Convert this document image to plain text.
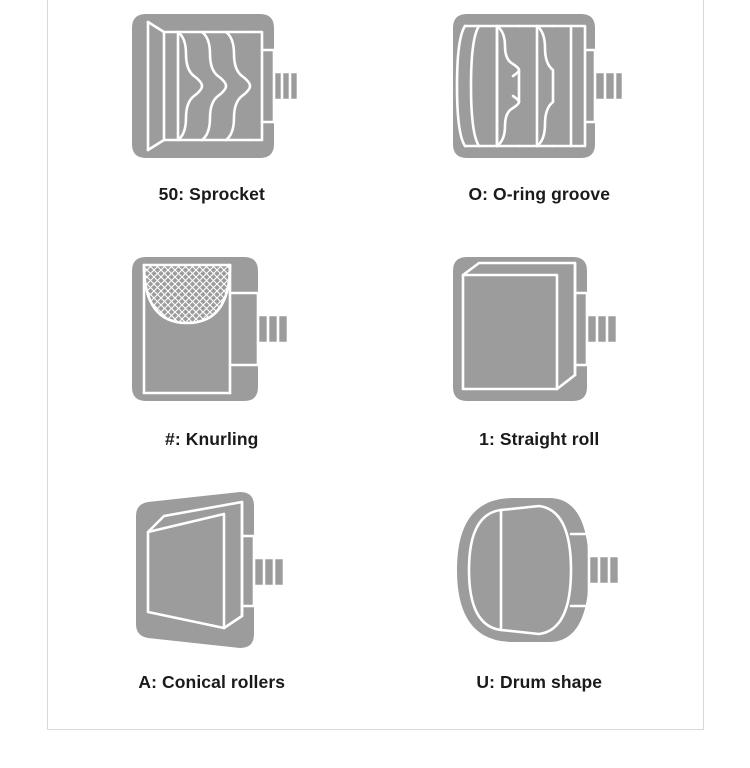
50: Sprocket	O: O-ring groove
#: Knurling	1: Straight roll
A: Conical rollers	U: Drum shape
